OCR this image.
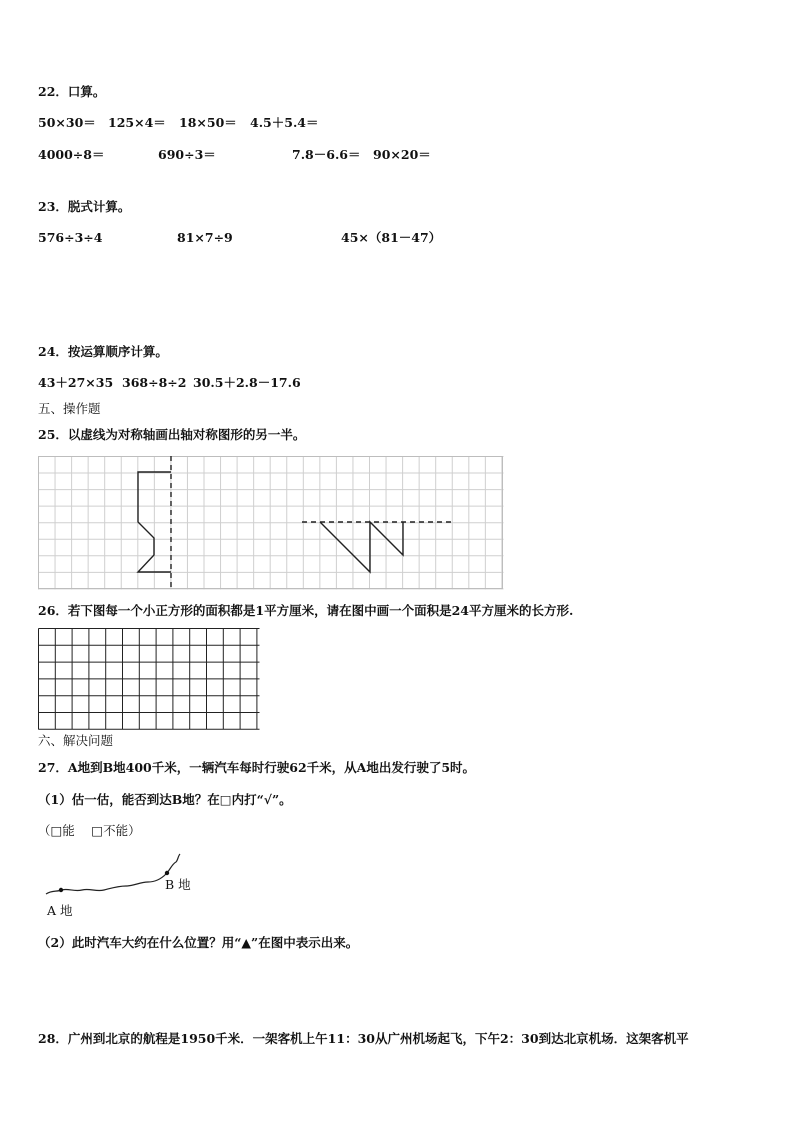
22．口算。
50×30＝ 125×4＝ 18×50＝ 4.5＋5.4＝
4000÷8＝	690÷3＝	7.8－6.6＝ 90×20＝
23．脱式计算。
576÷3÷4	81×7÷9	45×（81－47）
24．按运算顺序计算。
43＋27×35 368÷8÷2 30.5＋2.8－17.6
五、操作题
25．以虚线为对称轴画出轴对称图形的另一半。
26．若下图每一个小正方形的面积都是1平方厘米，请在图中画一个面积是24平方厘米的长方形.
六、解决问题
27．A地到B地400千米，一辆汽车每时行驶62千米，从A地出发行驶了5时。
（1）估一估，能否到达B地？在□内打“√”。
（□能　 □不能）
A 地
B 地
（2）此时汽车大约在什么位置？用“▲”在图中表示出来。
28．广州到北京的航程是1950千米．一架客机上午11：30从广州机场起飞，下午2：30到达北京机场．这架客机平
